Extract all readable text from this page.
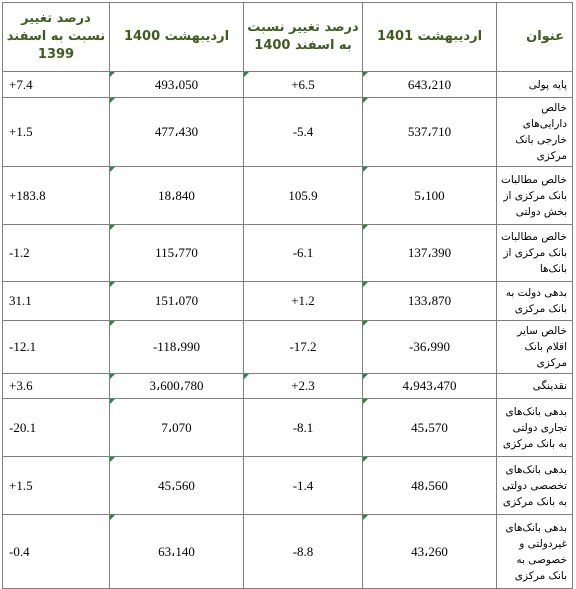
درصد تغییر نسبت به اسفند 1399	اردیبهشت 1400	درصد تغییر نسبت به اسفند 1400	اردیبهشت 1401	عنوان
+7.4	493،050	+6.5	643،210	پایه پولی
+1.5	477،430	-5.4	537،710	خالص دارایی‌های خارجی بانک مرکزی
+183.8	18،840	105.9	5،100	خالص مطالبات بانک مرکزی از بخش دولتی
-1.2	115،770	-6.1	137،390	خالص مطالبات بانک مرکزی از بانک‌ها
31.1	151،070	+1.2	133،870	بدهی دولت به بانک مرکزی
-12.1	-118،990	-17.2	-36،990	خالص سایر اقلام بانک مرکزی
+3.6	3،600،780	+2.3	4،943،470	نقدینگی
-20.1	7،070	-8.1	45،570	بدهی بانک‌های تجاری دولتی به بانک مرکزی
+1.5	45،560	-1.4	48،560	بدهی بانک‌های تخصصی دولتی به بانک مرکزی
-0.4	63،140	-8.8	43،260	بدهی بانک‌های غیردولتی و خصوصی به بانک مرکزی
